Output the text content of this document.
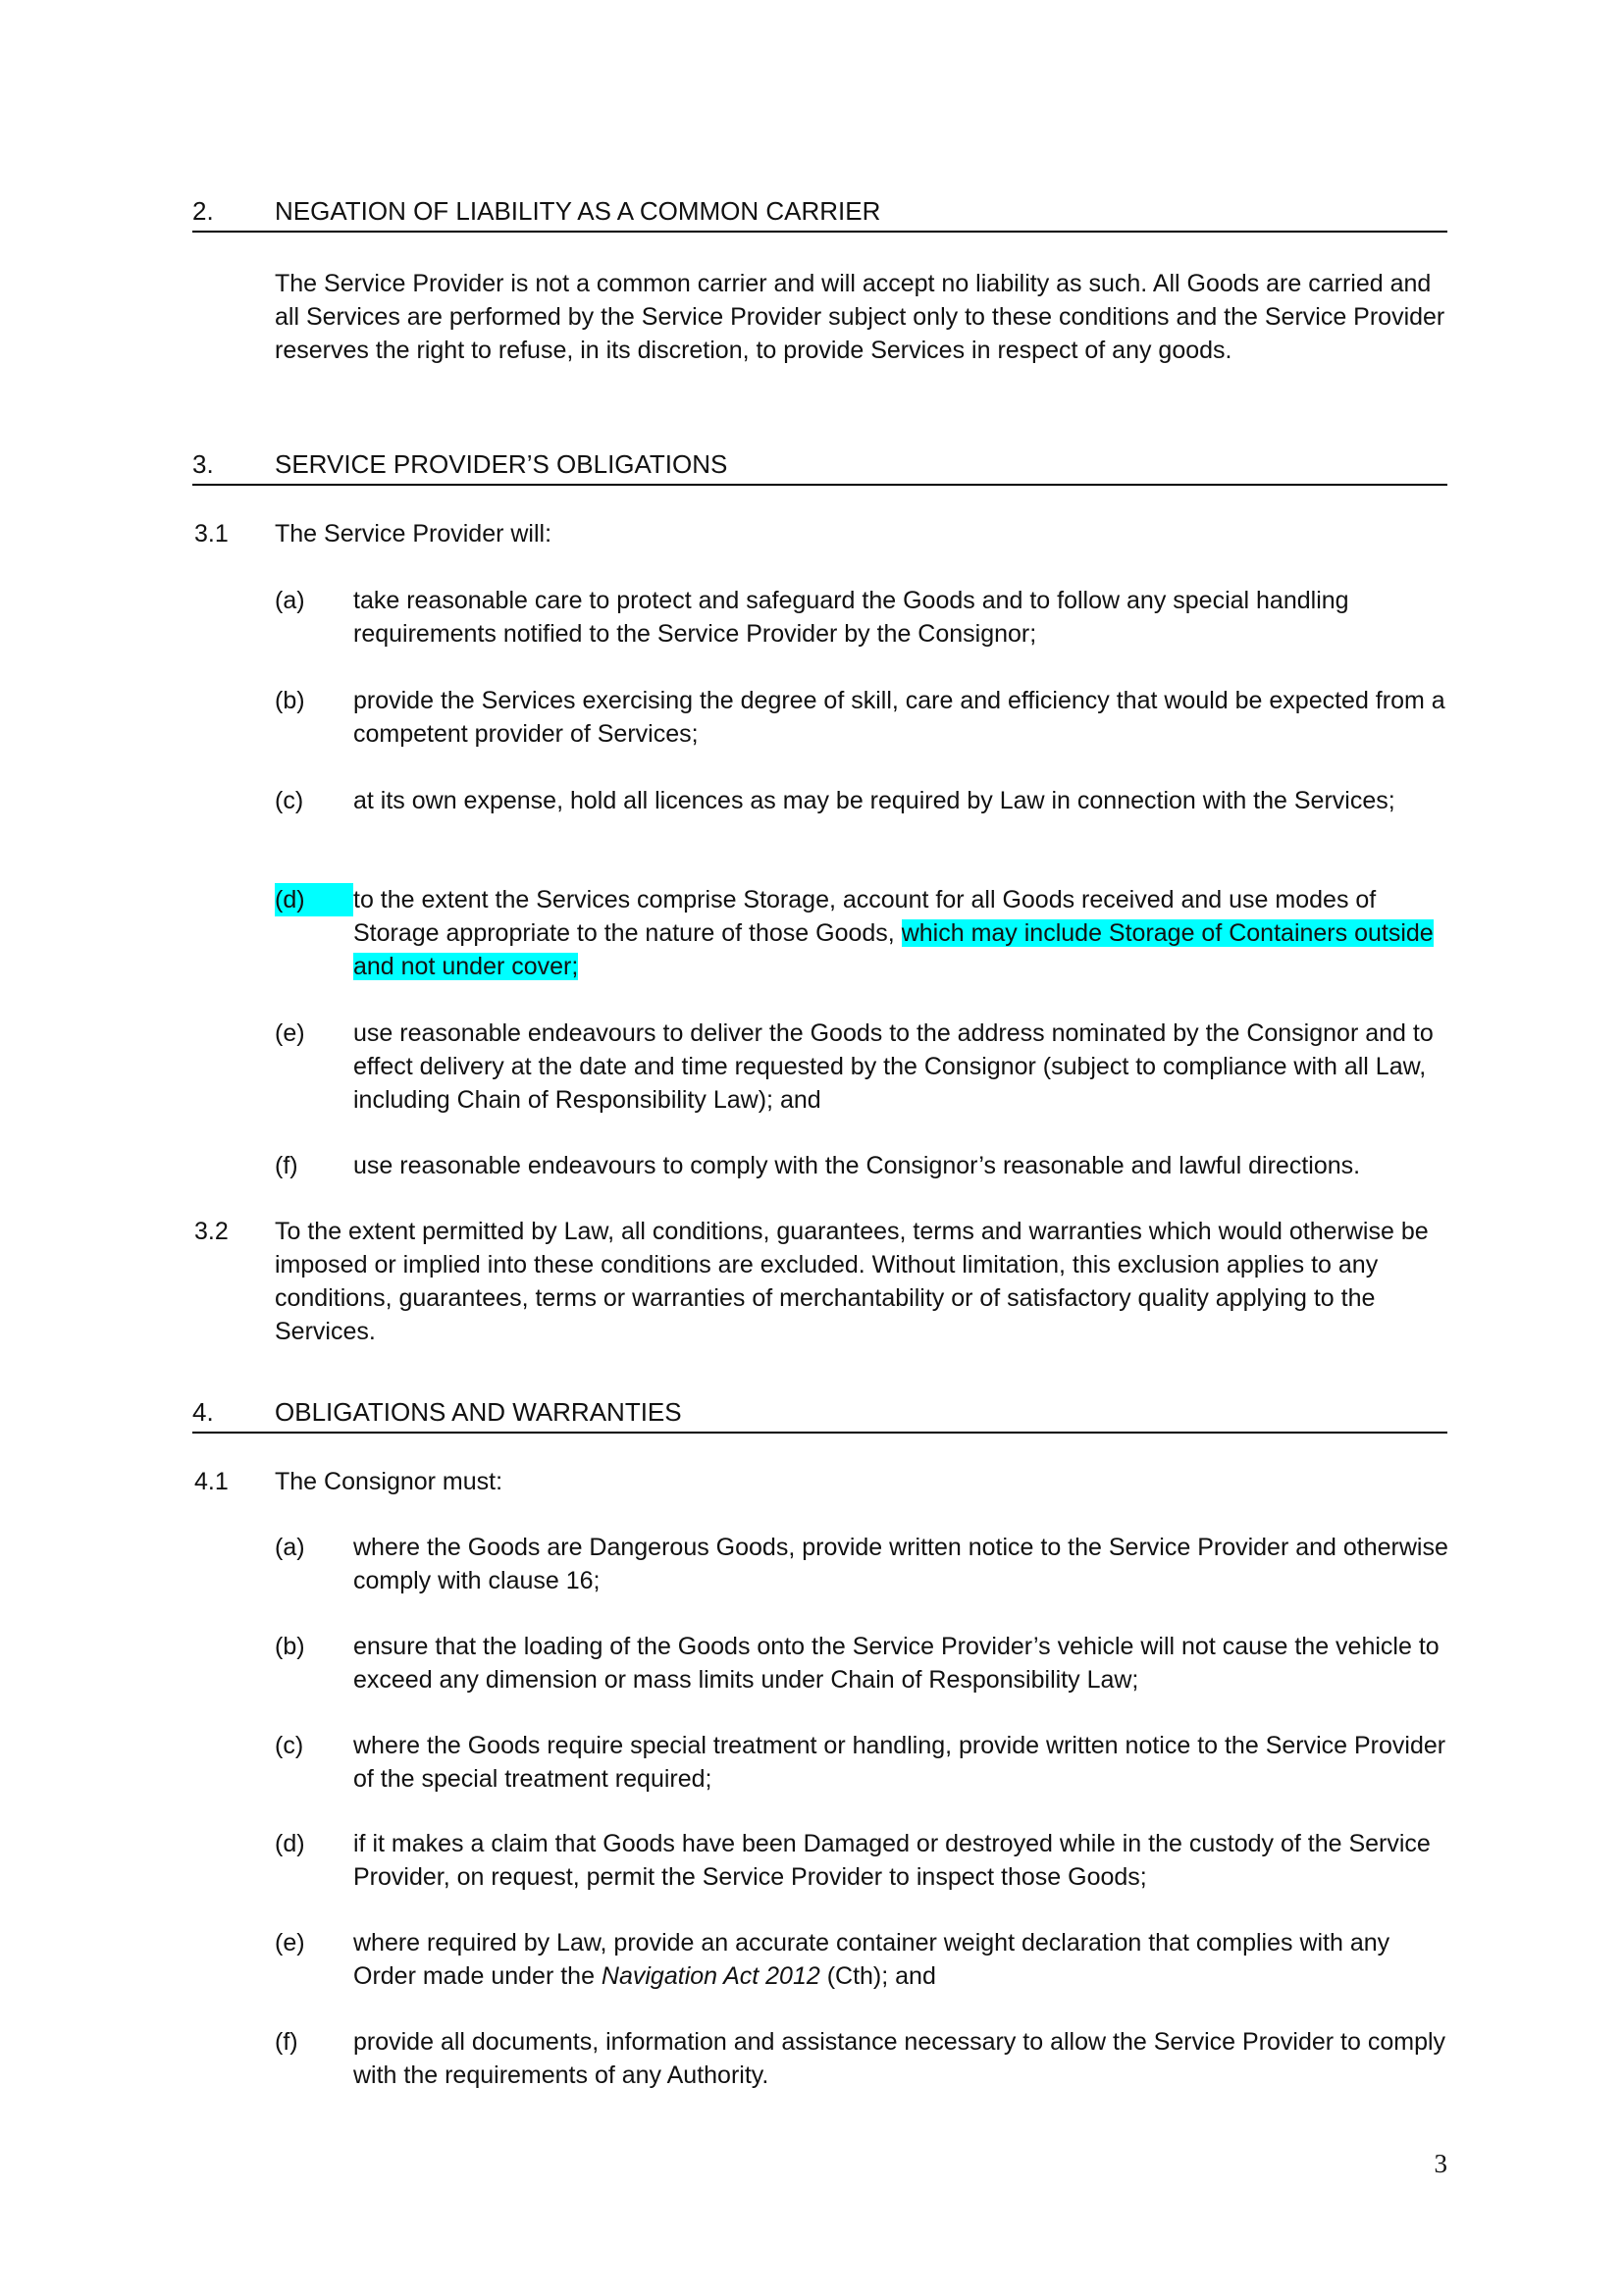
2.	NEGATION OF LIABILITY AS A COMMON CARRIER

The Service Provider is not a common carrier and will accept no liability as such. All Goods are carried and all Services are performed by the Service Provider subject only to these conditions and the Service Provider reserves the right to refuse, in its discretion, to provide Services in respect of any goods.
3.	SERVICE PROVIDER’S OBLIGATIONS

3.1 The Service Provider will:
(a) take reasonable care to protect and safeguard the Goods and to follow any special handling requirements notified to the Service Provider by the Consignor;
(b) provide the Services exercising the degree of skill, care and efficiency that would be expected from a competent provider of Services;
(c) at its own expense, hold all licences as may be required by Law in connection with the Services;
(d)	to the extent the Services comprise Storage, account for all Goods received and use modes of Storage appropriate to the nature of those Goods, which may include Storage of Containers outside and not under cover;
(e) use reasonable endeavours to deliver the Goods to the address nominated by the Consignor and to effect delivery at the date and time requested by the Consignor (subject to compliance with all Law, including Chain of Responsibility Law); and
(f) use reasonable endeavours to comply with the Consignor’s reasonable and lawful directions.
3.2 To the extent permitted by Law, all conditions, guarantees, terms and warranties which would otherwise be imposed or implied into these conditions are excluded. Without limitation, this exclusion applies to any conditions, guarantees, terms or warranties of merchantability or of satisfactory quality applying to the Services.
4.	OBLIGATIONS AND WARRANTIES

4.1 The Consignor must:
(a) where the Goods are Dangerous Goods, provide written notice to the Service Provider and otherwise comply with clause 16;
(b) ensure that the loading of the Goods onto the Service Provider’s vehicle will not cause the vehicle to exceed any dimension or mass limits under Chain of Responsibility Law;
(c) where the Goods require special treatment or handling, provide written notice to the Service Provider of the special treatment required;
(d) if it makes a claim that Goods have been Damaged or destroyed while in the custody of the Service Provider, on request, permit the Service Provider to inspect those Goods;
(e) where required by Law, provide an accurate container weight declaration that complies with any Order made under the Navigation Act 2012 (Cth); and
(f) provide all documents, information and assistance necessary to allow the Service Provider to comply with the requirements of any Authority.
3
